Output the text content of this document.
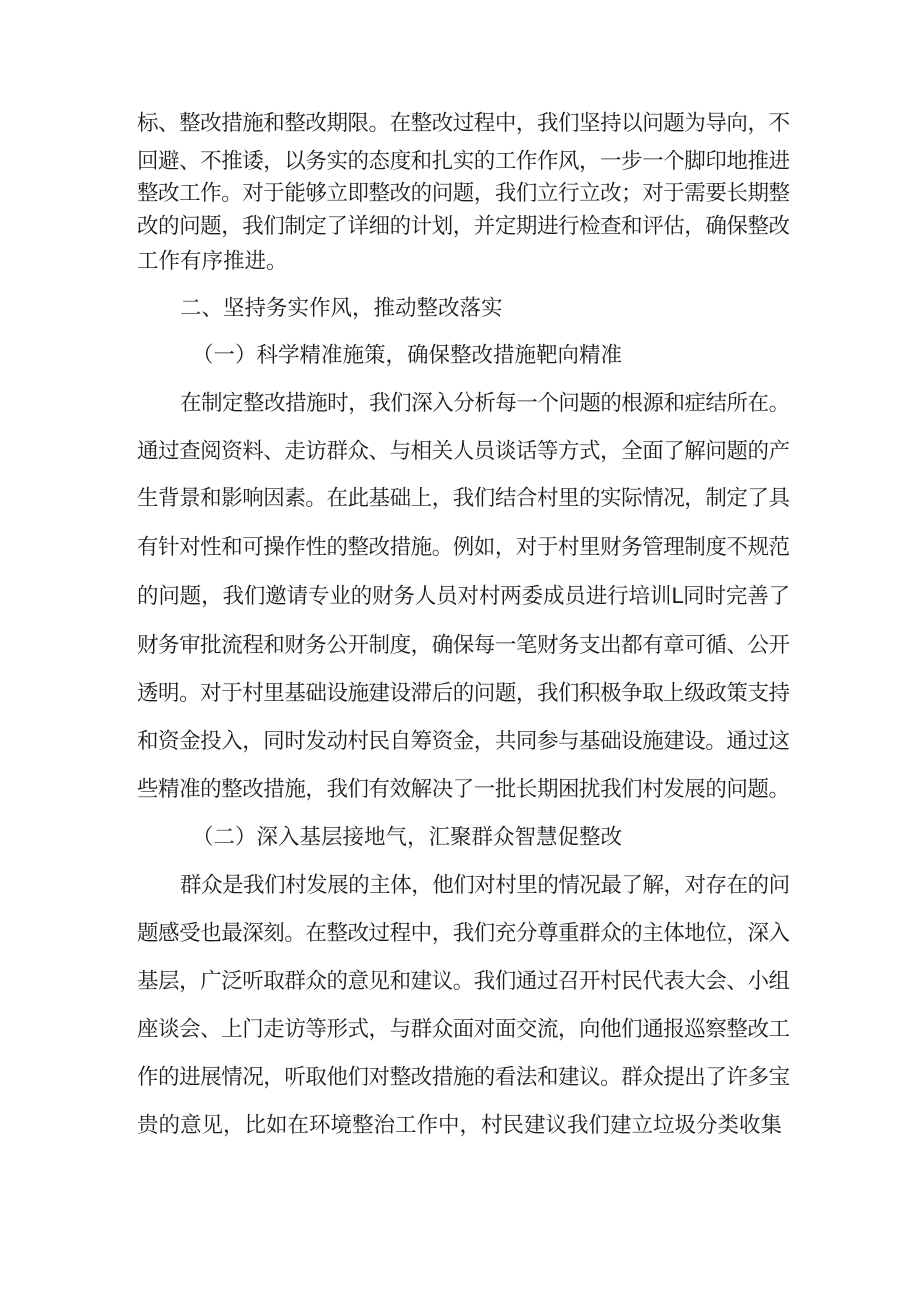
标、整改措施和整改期限。在整改过程中，我们坚持以问题为导向，不
回避、不推诿，以务实的态度和扎实的工作作风，一步一个脚印地推进
整改工作。对于能够立即整改的问题，我们立行立改；对于需要长期整
改的问题，我们制定了详细的计划，并定期进行检查和评估，确保整改
工作有序推进。
二、坚持务实作风，推动整改落实
（一）科学精准施策，确保整改措施靶向精准
在制定整改措施时，我们深入分析每一个问题的根源和症结所在。
通过查阅资料、走访群众、与相关人员谈话等方式，全面了解问题的产
生背景和影响因素。在此基础上，我们结合村里的实际情况，制定了具
有针对性和可操作性的整改措施。例如，对于村里财务管理制度不规范
的问题，我们邀请专业的财务人员对村两委成员进行培训L同时完善了
财务审批流程和财务公开制度，确保每一笔财务支出都有章可循、公开
透明。对于村里基础设施建设滞后的问题，我们积极争取上级政策支持
和资金投入，同时发动村民自筹资金，共同参与基础设施建设。通过这
些精准的整改措施，我们有效解决了一批长期困扰我们村发展的问题。
（二）深入基层接地气，汇聚群众智慧促整改
群众是我们村发展的主体，他们对村里的情况最了解，对存在的问
题感受也最深刻。在整改过程中，我们充分尊重群众的主体地位，深入
基层，广泛听取群众的意见和建议。我们通过召开村民代表大会、小组
座谈会、上门走访等形式，与群众面对面交流，向他们通报巡察整改工
作的进展情况，听取他们对整改措施的看法和建议。群众提出了许多宝
贵的意见，比如在环境整治工作中，村民建议我们建立垃圾分类收集
